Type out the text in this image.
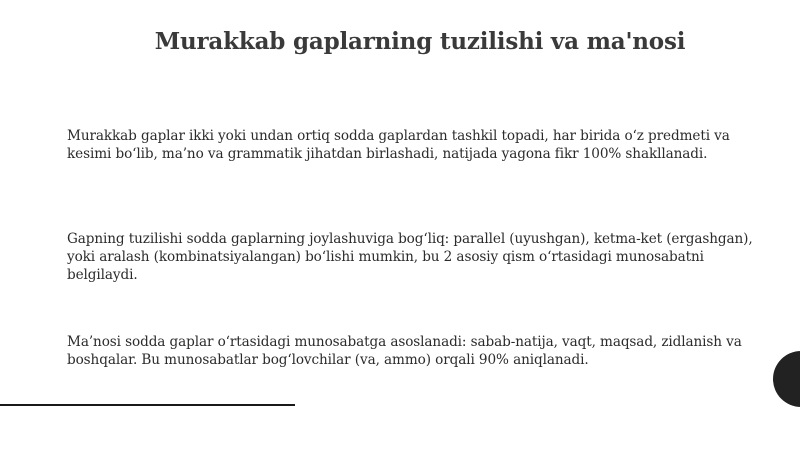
Murakkab gaplarning tuzilishi va ma'nosi

Murakkab gaplar ikki yoki undan ortiq sodda gaplardan tashkil topadi, har birida o‘z predmeti va kesimi bo‘lib, ma’no va grammatik jihatdan birlashadi, natijada yagona fikr 100% shakllanadi.

Gapning tuzilishi sodda gaplarning joylashuviga bog‘liq: parallel (uyushgan), ketma-ket (ergashgan), yoki aralash (kombinatsiyalangan) bo‘lishi mumkin, bu 2 asosiy qism o‘rtasidagi munosabatni belgilaydi.

Ma’nosi sodda gaplar o‘rtasidagi munosabatga asoslanadi: sabab-natija, vaqt, maqsad, zidlanish va boshqalar. Bu munosabatlar bog‘lovchilar (va, ammo) orqali 90% aniqlanadi.
